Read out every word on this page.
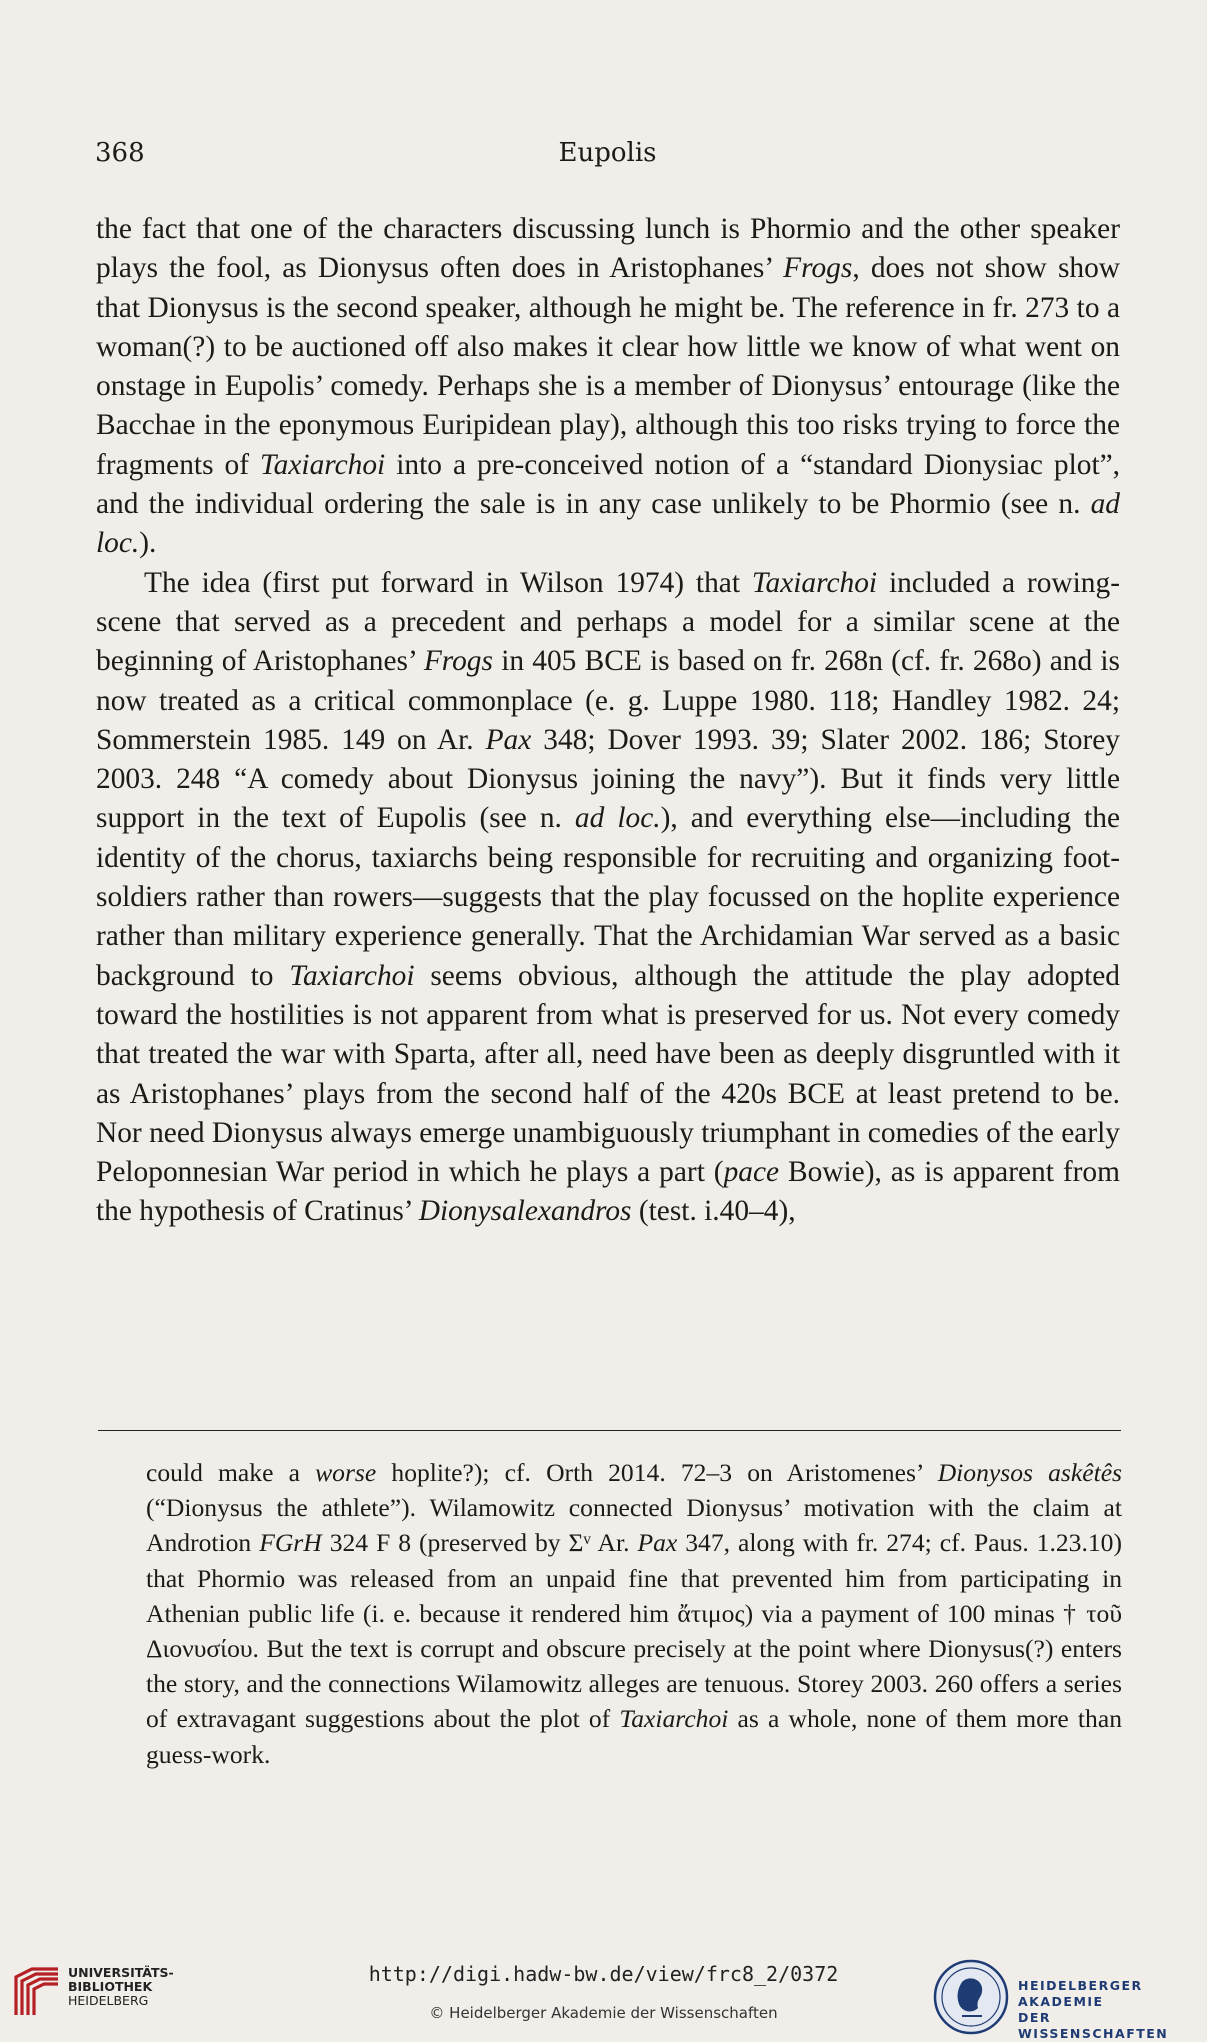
368	Eupolis

the fact that one of the characters discussing lunch is Phormio and the other speaker plays the fool, as Dionysus often does in Aristophanes’ Frogs, does not show show that Dionysus is the second speaker, although he might be. The reference in fr. 273 to a woman(?) to be auctioned off also makes it clear how little we know of what went on onstage in Eupolis’ comedy. Perhaps she is a member of Dionysus’ entourage (like the Bacchae in the eponymous Euripidean play), although this too risks trying to force the fragments of Taxiarchoi into a pre-conceived notion of a “standard Dionysiac plot”, and the individual ordering the sale is in any case unlikely to be Phormio (see n. ad loc.).

The idea (first put forward in Wilson 1974) that Taxiarchoi included a rowing-scene that served as a precedent and perhaps a model for a similar scene at the beginning of Aristophanes’ Frogs in 405 BCE is based on fr. 268n (cf. fr. 268o) and is now treated as a critical commonplace (e. g. Luppe 1980. 118; Handley 1982. 24; Sommerstein 1985. 149 on Ar. Pax 348; Dover 1993. 39; Slater 2002. 186; Storey 2003. 248 “A comedy about Dionysus joining the navy”). But it finds very little support in the text of Eupolis (see n. ad loc.), and everything else—including the identity of the chorus, taxiarchs being responsible for recruiting and organizing foot-soldiers rather than rowers—suggests that the play focussed on the hoplite experience rather than military experience generally. That the Archidamian War served as a basic background to Taxiarchoi seems obvious, although the attitude the play adopted toward the hostilities is not apparent from what is preserved for us. Not every comedy that treated the war with Sparta, after all, need have been as deeply disgruntled with it as Aristophanes’ plays from the second half of the 420s BCE at least pretend to be. Nor need Dionysus always emerge unambiguously triumphant in comedies of the early Peloponnesian War period in which he plays a part (pace Bowie), as is apparent from the hypothesis of Cratinus’ Dionysalexandros (test. i.40–4),

could make a worse hoplite?); cf. Orth 2014. 72–3 on Aristomenes’ Dionysos askêtês (“Dionysus the athlete”). Wilamowitz connected Dionysus’ motivation with the claim at Androtion FGrH 324 F 8 (preserved by Σᵛ Ar. Pax 347, along with fr. 274; cf. Paus. 1.23.10) that Phormio was released from an unpaid fine that prevented him from participating in Athenian public life (i. e. because it rendered him ἄτιμος) via a payment of 100 minas † τοῦ Διονυσίου. But the text is corrupt and obscure precisely at the point where Dionysus(?) enters the story, and the connections Wilamowitz alleges are tenuous. Storey 2003. 260 offers a series of extravagant suggestions about the plot of Taxiarchoi as a whole, none of them more than guess-work.
UNIVERSITÄTS-
BIBLIOTHEK
HEIDELBERG
http://digi.hadw-bw.de/view/frc8_2/0372
© Heidelberger Akademie der Wissenschaften
HEIDELBERGER AKADEMIE
DER WISSENSCHAFTEN
